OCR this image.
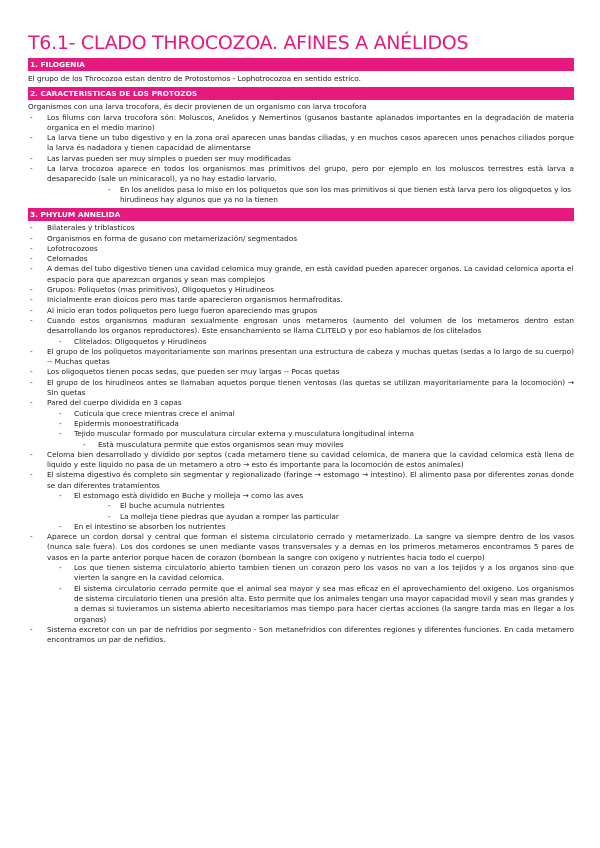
T6.1- CLADO THROCOZOA. AFINES A ANÉLIDOS
1. FILOGENIA

El grupo de los Throcozoa estan dentro de Protostomos - Lophotrocozoa en sentido estrico.

2. CARACTERISTICAS DE LOS PROTOZOS

Organismos con una larva trocofora, és decir provienen de un organismo con larva trocofora

- Los filums con larva trocofora són: Moluscos, Anelidos y Nemertinos (gusanos bastante aplanados importantes en la degradación de materia organica en el medio marino)
- La larva tiene un tubo digestivo y en la zona oral aparecen unas bandas ciliadas, y en muchos casos aparecen unos penachos ciliados porque la larva és nadadora y tienen capacidad de alimentarse
- Las larvas pueden ser muy simples o pueden ser muy modificadas
- La larva trocozoa aparece en todos los organismos mas primitivos del grupo, pero por ejemplo en los moluscos terrestres està larva a desaparecido (sale un minicaracol), ya no hay estadio larvario.
- En los anelidos pasa lo miso en los poliquetos que son los mas primitivos si que tienen està larva pero los oligoquetos y los hirudineos hay algunos que ya no la tienen
3. PHYLUM ANNELIDA
- Bilaterales y triblasticos
- Organismos en forma de gusano con metamerización/ segmentados
- Lofotrocozoos
- Celomados
- A demas del tubo digestivo tienen una cavidad celomica muy grande, en està cavidad pueden aparecer organos. La cavidad celomica aporta el espacio para que aparezcan organos y sean mas complejos
- Grupos: Poliquetos (mas primitivos), Oligoquetos y Hirudineos
- Inicialmente eran dioicos pero mas tarde aparecieron organismos hermafroditas.
- Al inicio eran todos poliquetos pero luego fueron apareciendo mas grupos
- Cuando estos organismos maduran sexualmente engrosan unos metameros (aumento del volumen de los metameros dentro estan desarrollando los organos reproductores). Este ensanchamiento se llama CLITELO y por eso hablamos de los clitelados
- Clitelados: Oligoquetos y Hirudineos
- El grupo de los poliquetos mayoritariamente son marinos presentan una estructura de cabeza y muchas quetas (sedas a lo largo de su cuerpo) -- Muchas quetas
- Los oligoquetos tienen pocas sedas, que pueden ser muy largas -- Pocas quetas
- El grupo de los hirudineos antes se llamaban aquetos porque tienen ventosas (las quetas se utilizan mayoritariamente para la locomoción) → Sin quetas
- Pared del cuerpo dividida en 3 capas
- Cuticula que crece mientras crece el animal
- Epidermis monoestratificada
- Tejido muscular formado por musculatura circular externa y musculatura longitudinal interna
- Està musculatura permite que estos organismos sean muy moviles
- Celoma bien desarrollado y dividido por septos (cada metamero tiene su cavidad celomica, de manera que la cavidad celomica està llena de liquido y este liquido no pasa de un metamero a otro → esto és importante para la locomoción de estos animales)
- El sistema digestivo és completo sin segmentar y regionalizado (faringe → estomago → intestino). El alimento pasa por diferentes zonas donde se dan diferentes tratamientos
- El estomago està dividido en Buche y molleja → como las aves
- El buche acumula nutrientes
- La molleja tiene piedras que ayudan a romper las particular
- En el intestino se absorben los nutrientes
- Aparece un cordon dorsal y central que forman el sistema circulatorio cerrado y metamerizado. La sangre va siempre dentro de los vasos (nunca sale fuera). Los dos cordones se unen mediante vasos transversales y a demas en los primeros metameros encontramos 5 pares de vasos en la parte anterior porque hacen de corazon (bombean la sangre con oxigeno y nutrientes hacia todo el cuerpo)
- Los que tienen sistema circulatorio abierto tambien tienen un corazon pero los vasos no van a los tejidos y a los organos sino que vierten la sangre en la cavidad celomica.
- El sistema circulatorio cerrado permite que el animal sea mayor y sea mas eficaz en el aprovechamiento del oxigeno. Los organismos de sistema circulatorio tienen una presión alta. Esto permite que los animales tengan una mayor capacidad movil y sean mas grandes y a demas si tuvieramos un sistema abierto necesitariamos mas tiempo para hacer ciertas acciones (la sangre tarda mas en llegar a los organos)
- Sistema excretor con un par de nefridios por segmento - Son metanefridios con diferentes regiones y diferentes funciones. En cada metamero encontramos un par de nefidios.
